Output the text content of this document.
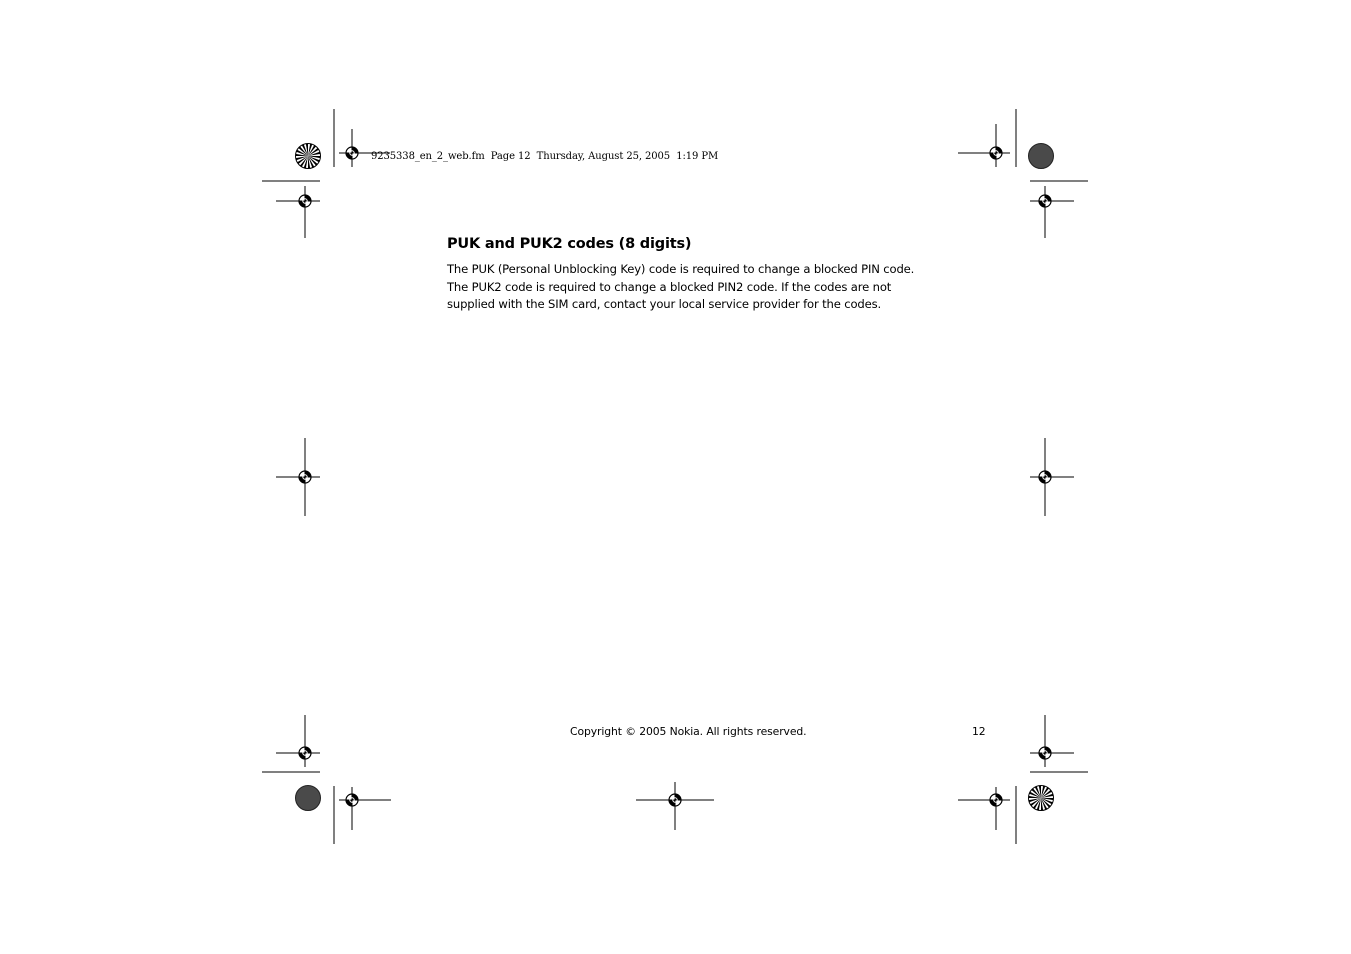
9235338_en_2_web.fm  Page 12  Thursday, August 25, 2005  1:19 PM
PUK and PUK2 codes (8 digits)
The PUK (Personal Unblocking Key) code is required to change a blocked PIN code.
The PUK2 code is required to change a blocked PIN2 code. If the codes are not
supplied with the SIM card, contact your local service provider for the codes.
Copyright © 2005 Nokia. All rights reserved.	12
